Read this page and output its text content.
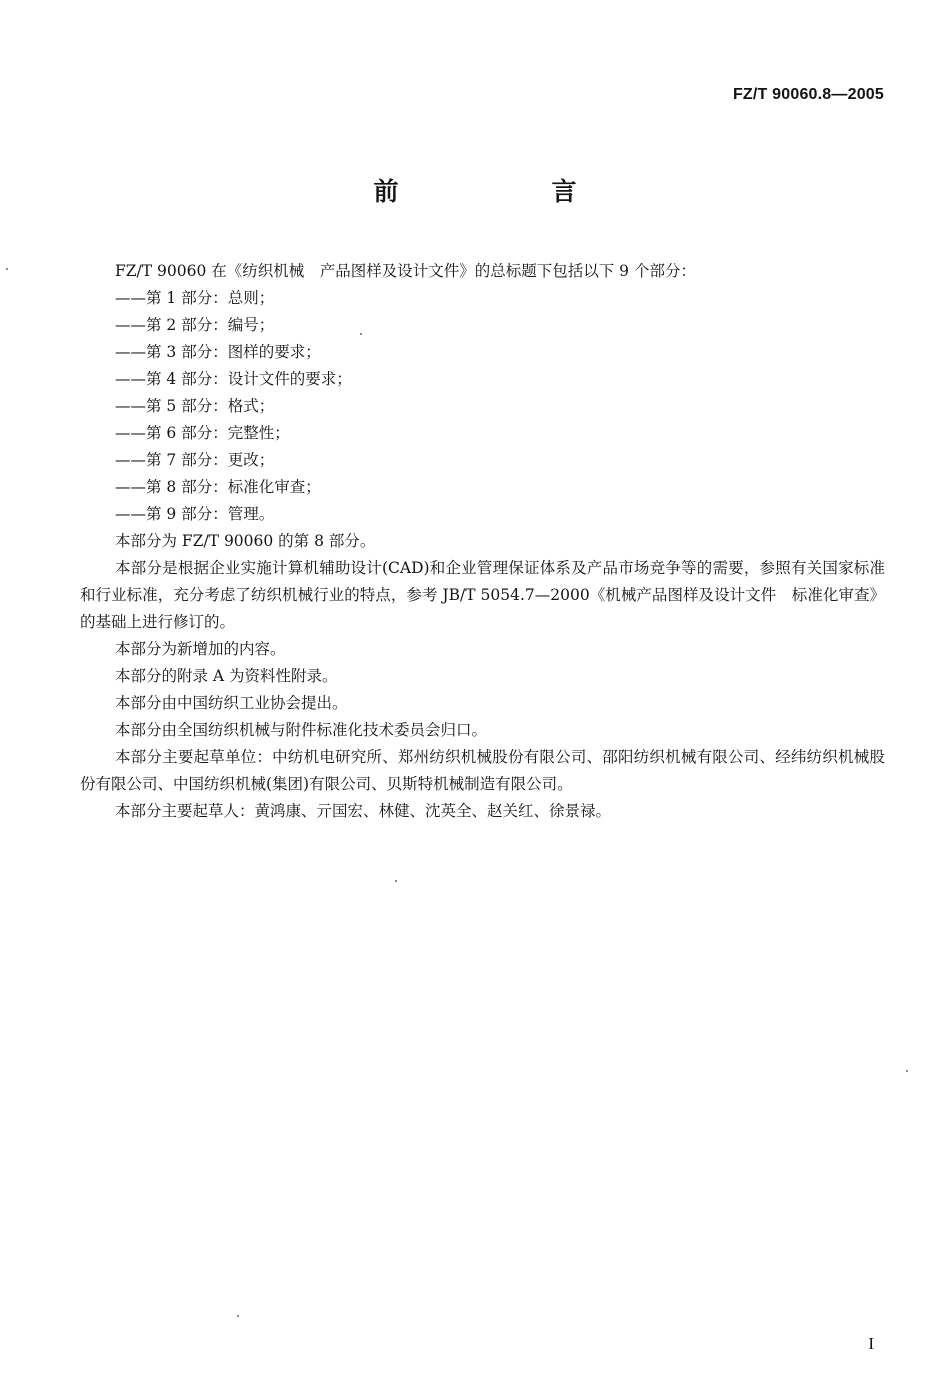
FZ/T 90060.8—2005
前　言

FZ/T 90060 在《纺织机械　产品图样及设计文件》的总标题下包括以下 9 个部分：

——第 1 部分：总则；

——第 2 部分：编号；

——第 3 部分：图样的要求；

——第 4 部分：设计文件的要求；

——第 5 部分：格式；

——第 6 部分：完整性；

——第 7 部分：更改；

——第 8 部分：标准化审查；

——第 9 部分：管理。

本部分为 FZ/T 90060 的第 8 部分。

本部分是根据企业实施计算机辅助设计(CAD)和企业管理保证体系及产品市场竞争等的需要，参照有关国家标准和行业标准，充分考虑了纺织机械行业的特点，参考 JB/T 5054.7—2000《机械产品图样及设计文件　标准化审查》的基础上进行修订的。

本部分为新增加的内容。

本部分的附录 A 为资料性附录。

本部分由中国纺织工业协会提出。

本部分由全国纺织机械与附件标准化技术委员会归口。

本部分主要起草单位：中纺机电研究所、郑州纺织机械股份有限公司、邵阳纺织机械有限公司、经纬纺织机械股份有限公司、中国纺织机械(集团)有限公司、贝斯特机械制造有限公司。

本部分主要起草人：黄鸿康、亓国宏、林健、沈英全、赵关红、徐景禄。

I
